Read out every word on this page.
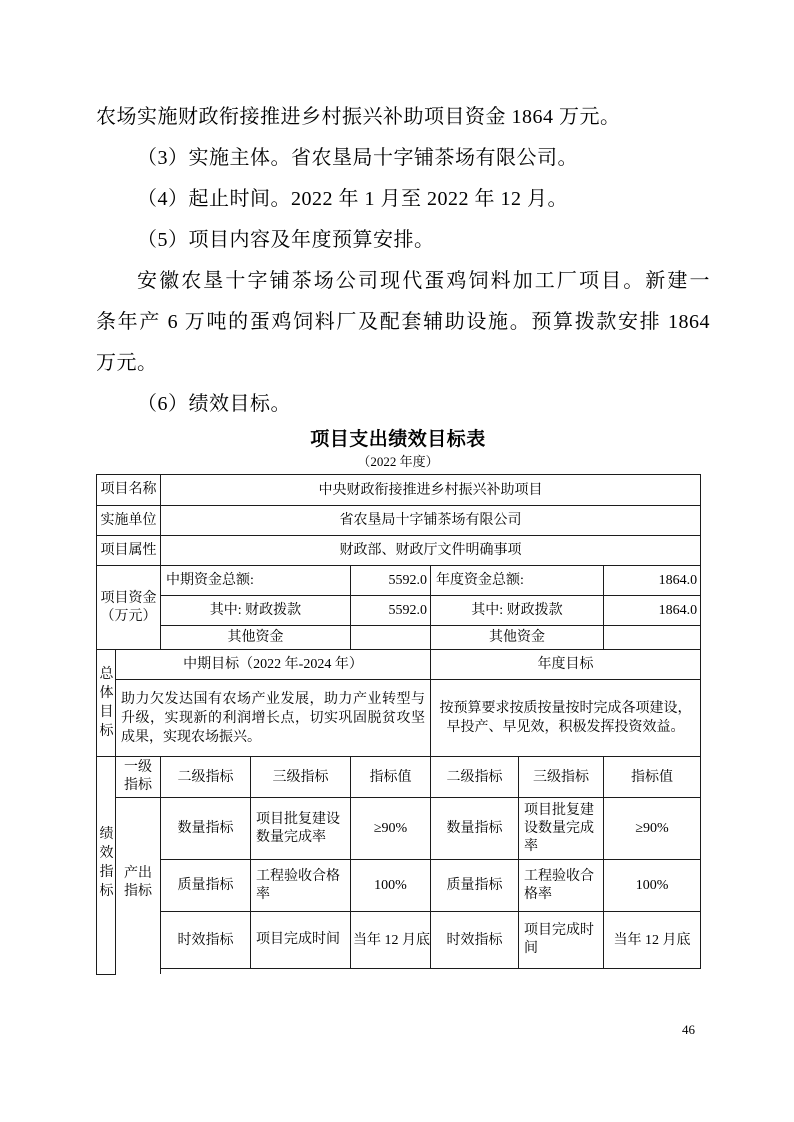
农场实施财政衔接推进乡村振兴补助项目资金 1864 万元。
（3）实施主体。省农垦局十字铺茶场有限公司。
（4）起止时间。2022 年 1 月至 2022 年 12 月。
（5）项目内容及年度预算安排。
安徽农垦十字铺茶场公司现代蛋鸡饲料加工厂项目。新建一
条年产 6 万吨的蛋鸡饲料厂及配套辅助设施。预算拨款安排 1864
万元。
（6）绩效目标。
项目支出绩效目标表
（2022 年度）
项目名称		中央财政衔接推进乡村振兴补助项目					
实施单位		省农垦局十字铺茶场有限公司					
项目属性		财政部、财政厅文件明确事项					
项目资金（万元）		中期资金总额:		5592.0	年度资金总额:		1864.0
		其中: 财政拨款		5592.0	其中: 财政拨款		1864.0
		其他资金			其他资金		

总体目标	中期目标（2022 年-2024 年）				年度目标		
	助力欠发达国有农场产业发展，助力产业转型与升级，实现新的利润增长点，切实巩固脱贫攻坚成果，实现农场振兴。				按预算要求按质按量按时完成各项建设，早投产、早见效，积极发挥投资效益。		

绩效指标	一级指标	二级指标	三级指标	指标值	二级指标	三级指标	指标值

	产出指标	数量指标	项目批复建设数量完成率	≥90%	数量指标	项目批复建设数量完成率	≥90%
		质量指标	工程验收合格率	100%	质量指标	工程验收合格率	100%
		时效指标	项目完成时间	当年 12 月底	时效指标	项目完成时间	当年 12 月底
46
